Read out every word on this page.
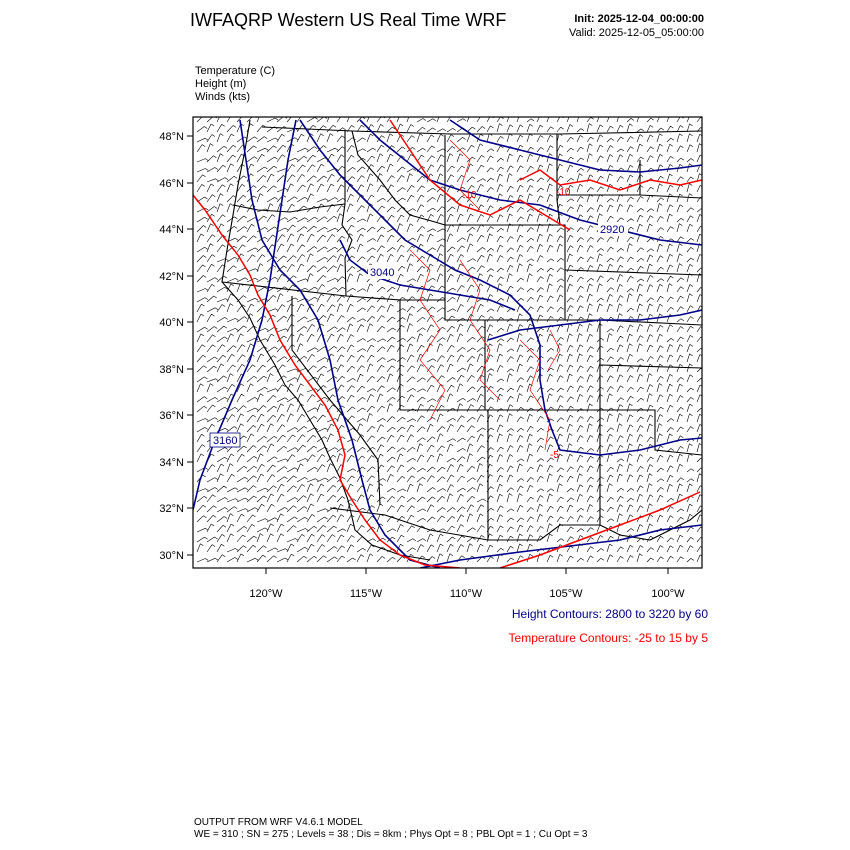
IWFAQRP Western US Real Time WRF	Init: 2025-12-04_00:00:00
Valid: 2025-12-05_05:00:00
Temperature (C)
Height (m)
Winds (kts)
3160
3040
2920
-10	-10
-5
48°N
46°N
44°N
42°N
40°N
38°N
36°N
34°N
32°N
30°N
120°W	115°W	110°W	105°W	100°W
Height Contours: 2800 to 3220 by 60
Temperature Contours: -25 to 15 by 5
OUTPUT FROM WRF V4.6.1 MODEL
WE = 310 ; SN = 275 ; Levels = 38 ; Dis = 8km ; Phys Opt = 8 ; PBL Opt = 1 ; Cu Opt = 3
